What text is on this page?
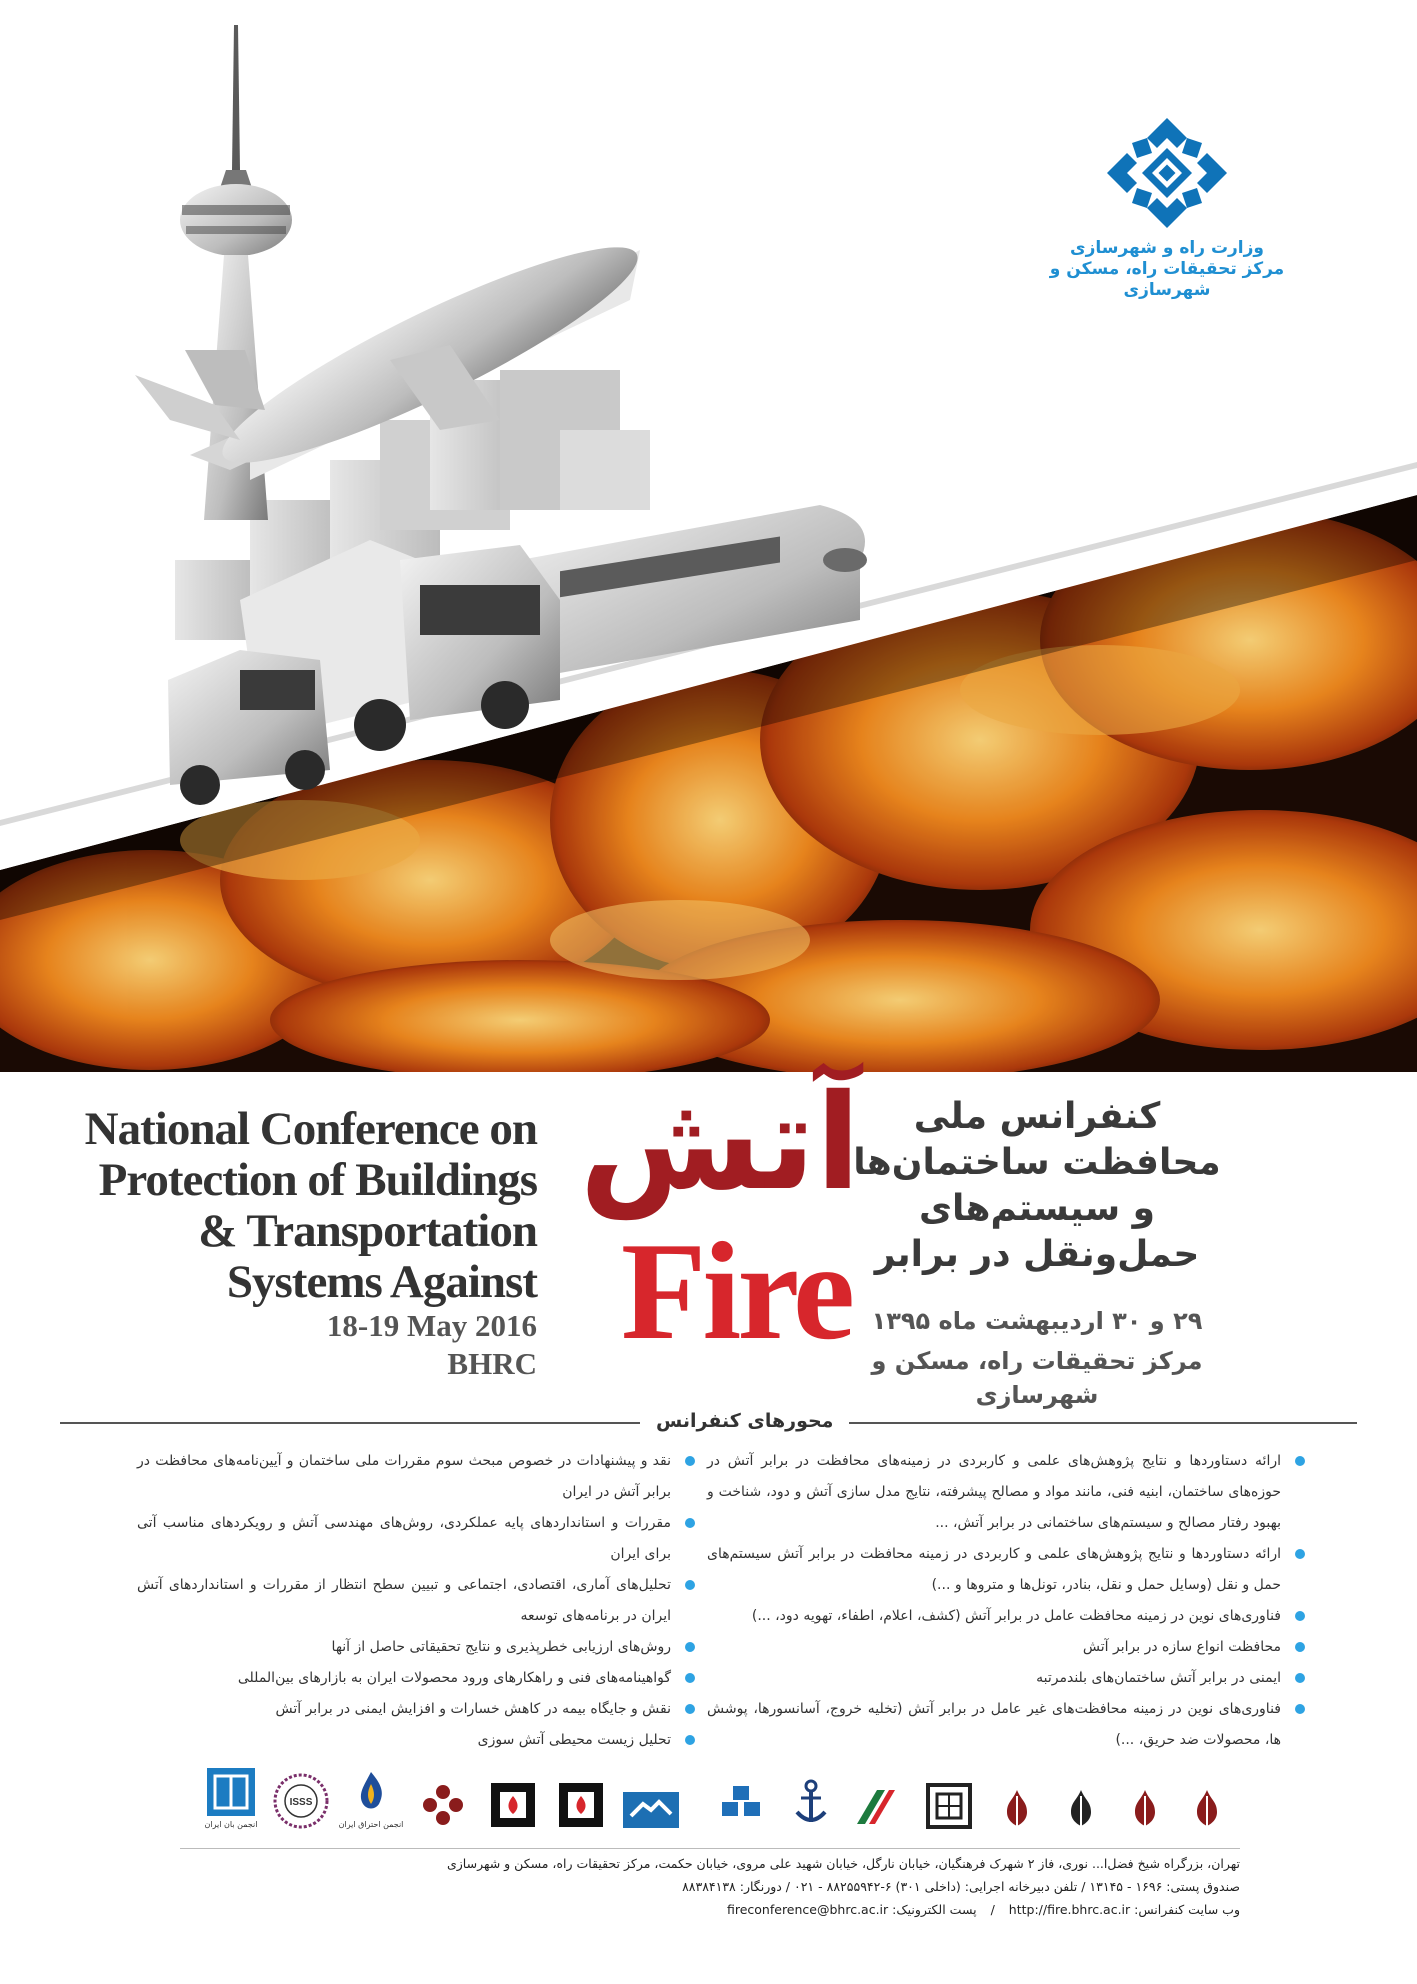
وزارت راه و شهرسازی
مرکز تحقیقات راه، مسکن و شهرسازی
National Conference on
Protection of Buildings
& Transportation
Systems Against
18-19 May 2016
BHRC
آتش
Fire
کنفرانس ملی
محافظت ساختمان‌ها
و سیستم‌های
حمل‌ونقل در برابر
۲۹ و ۳۰ اردیبهشت ماه ۱۳۹۵
مرکز تحقیقات راه، مسکن و شهرسازی
محورهای کنفرانس
ارائه دستاوردها و نتایج پژوهش‌های علمی و کاربردی در زمینه‌های محافظت در برابر آتش در حوزه‌های ساختمان، ابنیه فنی، مانند مواد و مصالح پیشرفته، نتایج مدل سازی آتش و دود، شناخت و بهبود رفتار مصالح و سیستم‌های ساختمانی در برابر آتش، ...
ارائه دستاوردها و نتایج پژوهش‌های علمی و کاربردی در زمینه محافظت در برابر آتش سیستم‌های حمل و نقل (وسایل حمل و نقل، بنادر، تونل‌ها و متروها و ...)
فناوری‌های نوین در زمینه محافظت عامل در برابر آتش (کشف، اعلام، اطفاء، تهویه دود، ...)
محافظت انواع سازه در برابر آتش
ایمنی در برابر آتش ساختمان‌های بلندمرتبه
فناوری‌های نوین در زمینه محافظت‌های غیر عامل در برابر آتش (تخلیه خروج، آسانسورها، پوشش ها، محصولات ضد حریق، ...)
نقد و پیشنهادات در خصوص مبحث سوم مقررات ملی ساختمان و آیین‌نامه‌های محافظت در برابر آتش در ایران
مقررات و استانداردهای پایه عملکردی، روش‌های مهندسی آتش و رویکردهای مناسب آتی برای ایران
تحلیل‌های آماری، اقتصادی، اجتماعی و تبیین سطح انتظار از مقررات و استانداردهای آتش ایران در برنامه‌های توسعه
روش‌های ارزیابی خطرپذیری و نتایج تحقیقاتی حاصل از آنها
گواهینامه‌های فنی و راهکارهای ورود محصولات ایران به بازارهای بین‌المللی
نقش و جایگاه بیمه در کاهش خسارات و افزایش ایمنی در برابر آتش
تحلیل زیست محیطی آتش سوزی
انجمن بان ایران
ISSS
انجمن احتراق ایران
تهران، بزرگراه شیخ فضل‌ا... نوری، فاز ۲ شهرک فرهنگیان، خیابان نارگل، خیابان شهید علی مروی، خیابان حکمت، مرکز تحقیقات راه، مسکن و شهرسازی
صندوق پستی: ۱۶۹۶ - ۱۳۱۴۵ / تلفن دبیرخانه اجرایی: (داخلی ۳۰۱) ۶-۸۸۲۵۵۹۴۲ - ۰۲۱ / دورنگار: ۸۸۳۸۴۱۳۸
وب سایت کنفرانس: http://fire.bhrc.ac.ir / پست الکترونیک: fireconference@bhrc.ac.ir
